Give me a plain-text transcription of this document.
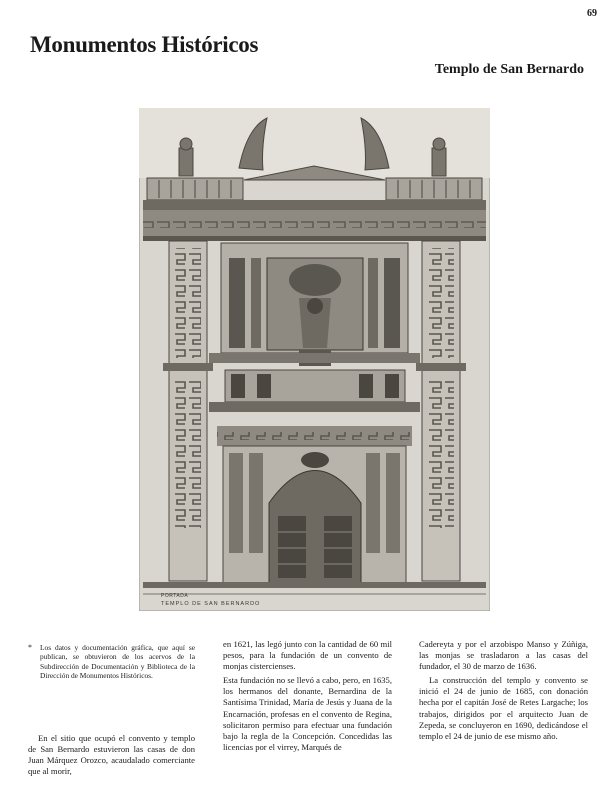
69
Monumentos Históricos
Templo de San Bernardo
PORTADA
TEMPLO DE SAN BERNARDO
* Los datos y documentación gráfica, que aquí se publican, se obtuvieron de los acervos de la Subdirección de Documentación y Biblioteca de la Dirección de Monumentos Históricos.

En el sitio que ocupó el convento y templo de San Bernardo estuvieron las casas de don Juan Márquez Orozco, acaudalado comerciante que al morir,

en 1621, las legó junto con la cantidad de 60 mil pesos, para la fundación de un convento de monjas cistercienses.

Esta fundación no se llevó a cabo, pero, en 1635, los hermanos del donante, Bernardina de la Santísima Trinidad, María de Jesús y Juana de la Encarnación, profesas en el convento de Regina, solicitaron permiso para efectuar una fundación bajo la regla de la Concepción. Concedidas las licencias por el virrey, Marqués de

Cadereyta y por el arzobispo Manso y Zúñiga, las monjas se trasladaron a las casas del fundador, el 30 de marzo de 1636.

La construcción del templo y convento se inició el 24 de junio de 1685, con donación hecha por el capitán José de Retes Largache; los trabajos, dirigidos por el arquitecto Juan de Zepeda, se concluyeron en 1690, dedicándose el templo el 24 de junio de ese mismo año.
